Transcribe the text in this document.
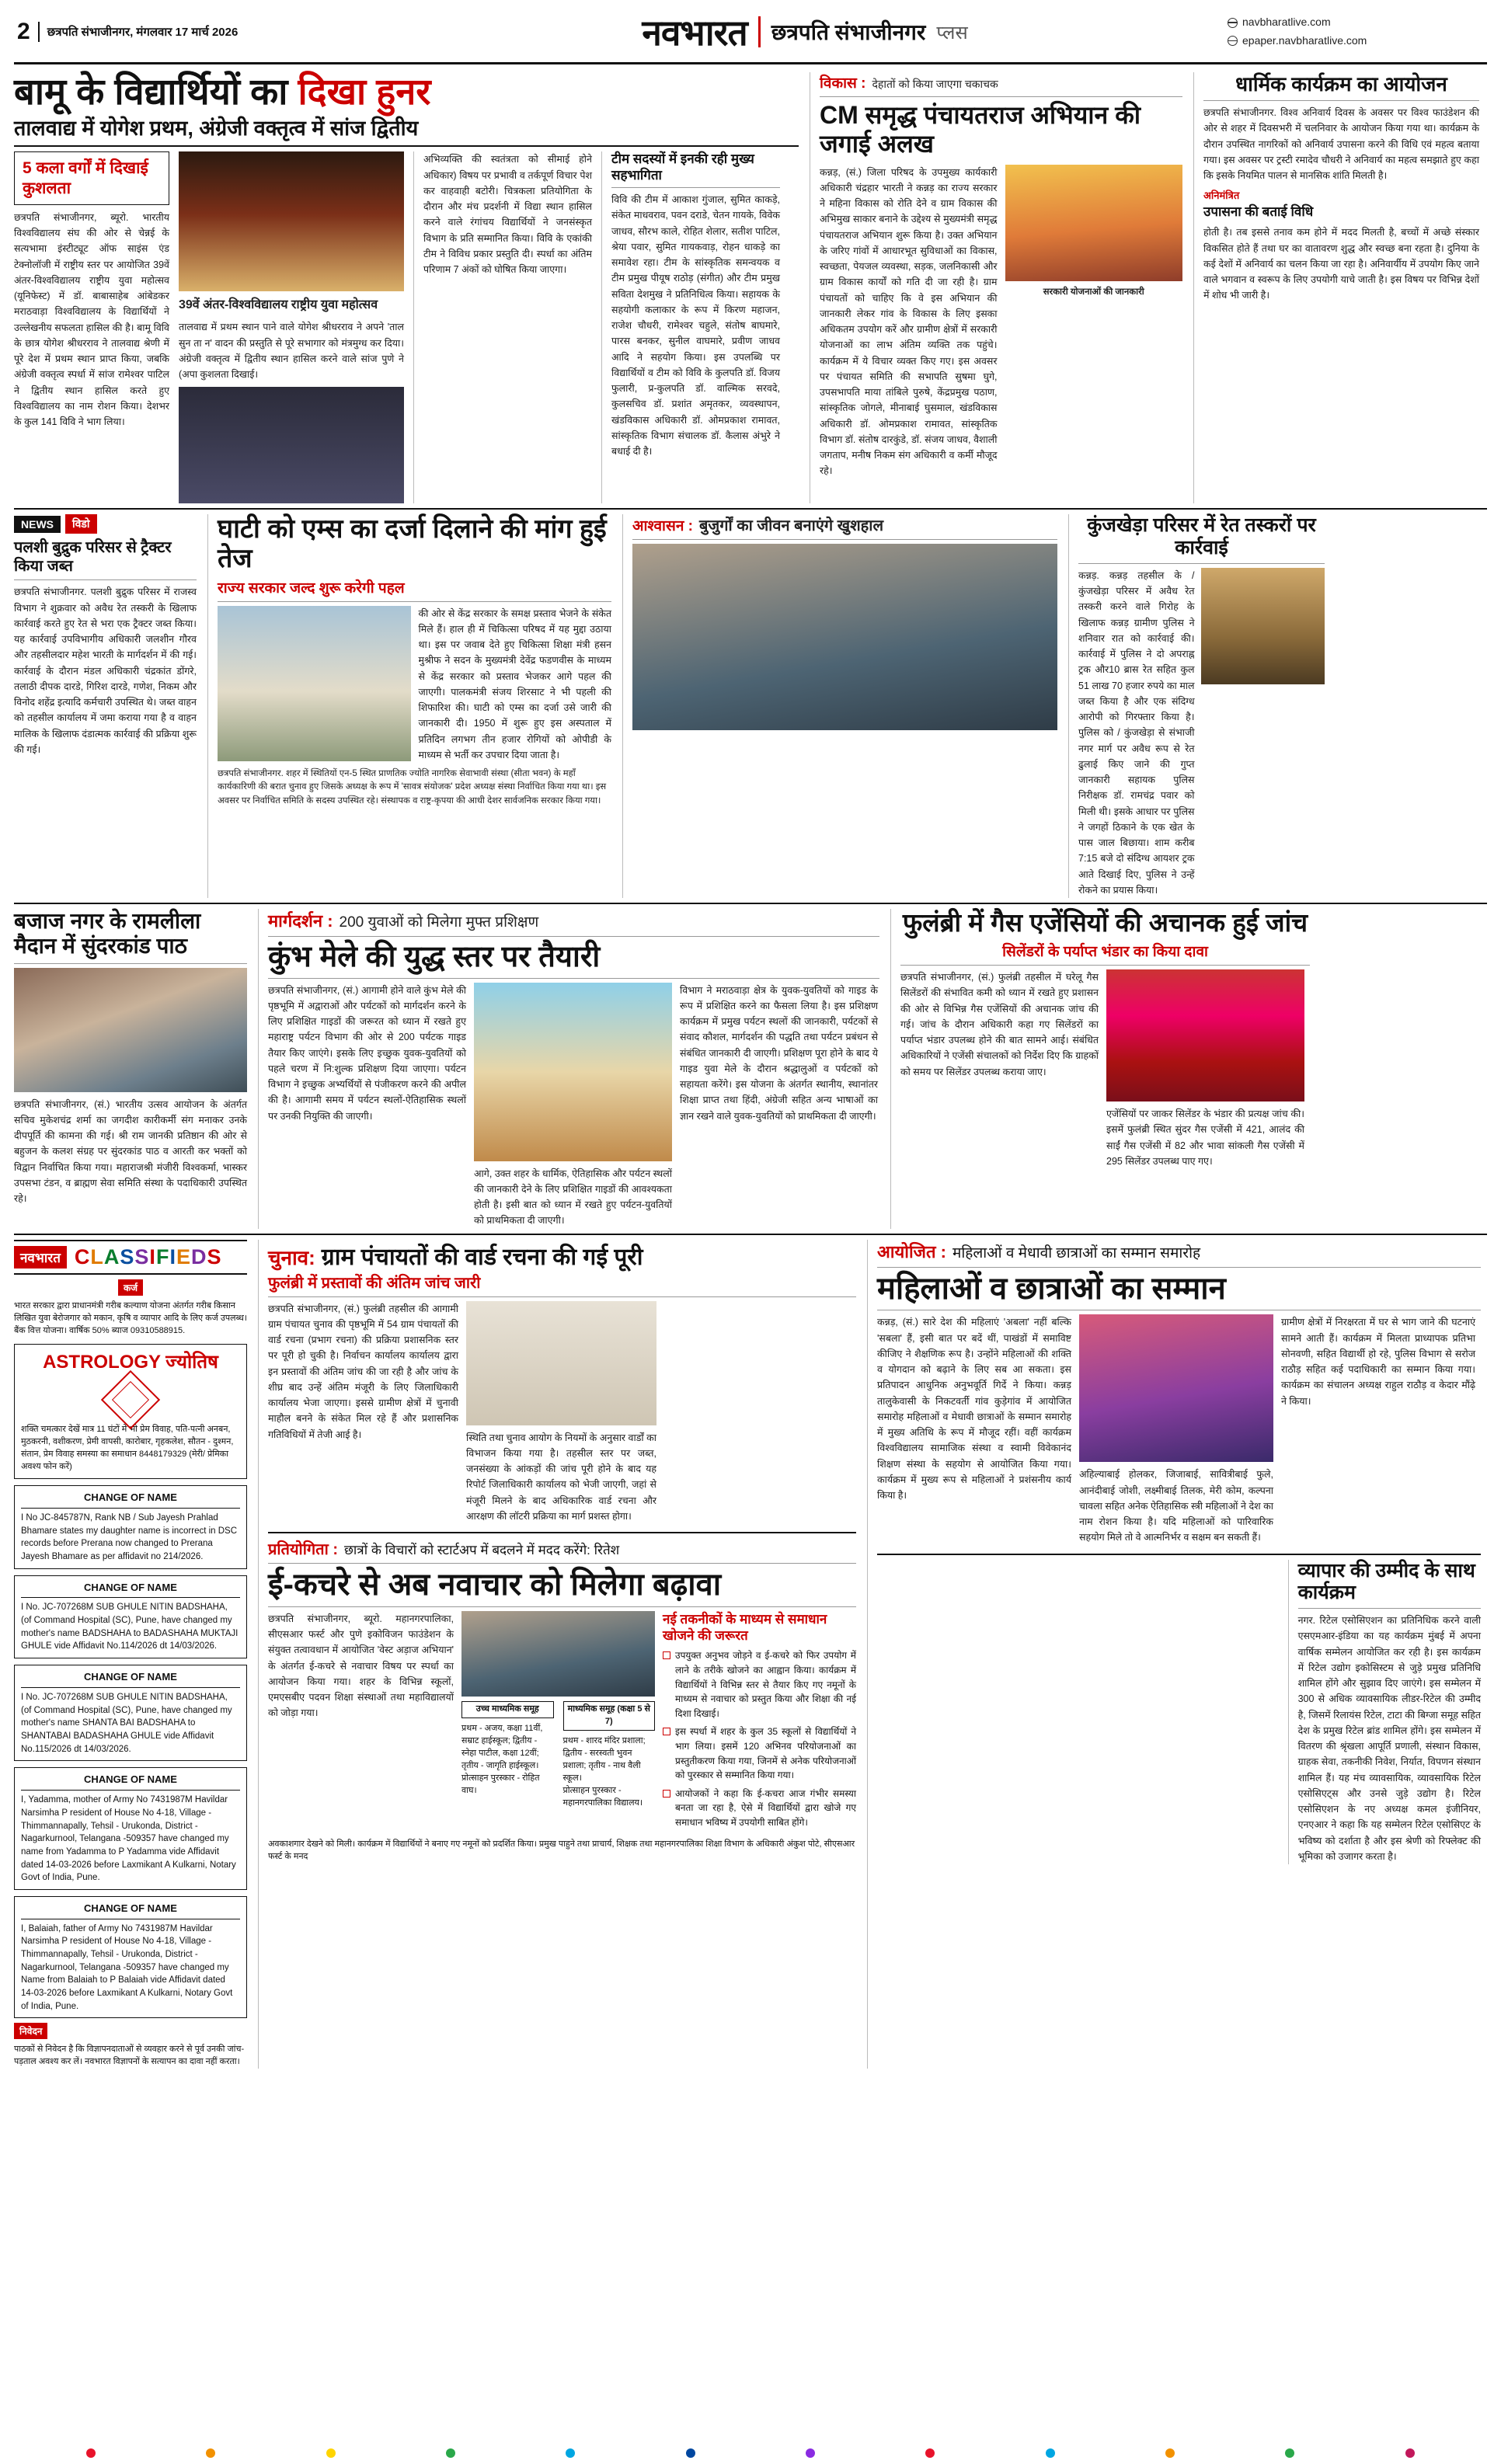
2 छत्रपति संभाजीनगर, मंगलवार 17 मार्च 2026	नवभारत छत्रपति संभाजीनगर प्लस
navbharatlive.com
epaper.navbharatlive.com
बामू के विद्यार्थियों का दिखा हुनर
तालवाद्य में योगेश प्रथम, अंग्रेजी वक्तृत्व में सांज द्वितीय
5 कला वर्गों में दिखाई कुशलता
छत्रपति संभाजीनगर, ब्यूरो. भारतीय विश्वविद्यालय संघ की ओर से चेन्नई के सत्यभामा इंस्टीट्यूट ऑफ साइंस एंड टेक्नोलॉजी में राष्ट्रीय स्तर पर आयोजित 39वें अंतर-विश्वविद्यालय राष्ट्रीय युवा महोत्सव (यूनिफेस्ट) में डॉ. बाबासाहेब आंबेडकर मराठवाड़ा विश्वविद्यालय के विद्यार्थियों ने उल्लेखनीय सफलता हासिल की है। बामू विवि के छात्र योगेश श्रीधरराव ने तालवाद्य श्रेणी में पूरे देश में प्रथम स्थान प्राप्त किया, जबकि अंग्रेजी वक्तृत्व स्पर्धा में सांज रामेश्वर पाटिल ने द्वितीय स्थान हासिल करते हुए विश्वविद्यालय का नाम रोशन किया। देशभर के कुल 141 विवि ने भाग लिया।
39वें अंतर-विश्वविद्यालय राष्ट्रीय युवा महोत्सव
तालवाद्य में प्रथम स्थान पाने वाले योगेश श्रीधरराव ने अपने 'ताल सुन ता न' वादन की प्रस्तुति से पूरे सभागार को मंत्रमुग्ध कर दिया। अंग्रेजी वक्तृत्व में द्वितीय स्थान हासिल करने वाले सांज पुणे ने (अपा कुशलता दिखाई।
अभिव्यक्ति की स्वतंत्रता को सीमाई होने अधिकार) विषय पर प्रभावी व तर्कपूर्ण विचार पेश कर वाहवाही बटोरी। चित्रकला प्रतियोगिता के दौरान और मंच प्रदर्शनी में विद्या स्थान हासिल करने वाले रंगांचय विद्यार्थियों ने जनसंस्कृत विभाग के प्रति सम्मानित किया। विवि के एकांकी टीम ने विविध प्रकार प्रस्तुति दी। स्पर्धा का अंतिम परिणाम 7 अंकों को घोषित किया जाएगा।
टीम सदस्यों में इनकी रही मुख्य सहभागिता
विवि की टीम में आकाश गुंजाल, सुमित काकड़े, संकेत माधवराव, पवन दराडे, चेतन गायके, विवेक जाधव, सौरभ काले, रोहित शेलार, सतीश पाटिल, श्रेया पवार, सुमित गायकवाड़, रोहन धाकड़े का समावेश रहा। टीम के सांस्कृतिक समन्वयक व टीम प्रमुख पीयूष राठोड़ (संगीत) और टीम प्रमुख सविता देशमुख ने प्रतिनिधित्व किया। सहायक के सहयोगी कलाकार के रूप में किरण महाजन, राजेश चौधरी, रामेश्वर चहुले, संतोष बाघमारे, पारस बनकर, सुनील वाघमारे, प्रवीण जाधव आदि ने सहयोग किया। इस उपलब्धि पर विद्यार्थियों व टीम को विवि के कुलपति डॉ. विजय फुलारी, प्र-कुलपति डॉ. वाल्मिक सरवदे, कुलसचिव डॉ. प्रशांत अमृतकर, व्यवस्थापन, खंडविकास अधिकारी डॉ. ओमप्रकाश रामावत, सांस्कृतिक विभाग संचालक डॉ. कैलास अंभुरे ने बधाई दी है।
विकास : देहातों को किया जाएगा चकाचक
CM समृद्ध पंचायतराज अभियान की जगाई अलख
कन्नड़, (सं.) जिला परिषद के उपमुख्य कार्यकारी अधिकारी चंद्रहार भारती ने कन्नड़ का राज्य सरकार ने महिना विकास को रोति देने व ग्राम विकास की अभिमुख साकार बनाने के उद्देश्य से मुख्यमंत्री समृद्ध पंचायतराज अभियान शुरू किया है। उक्त अभियान के जरिए गांवों में आधारभूत सुविधाओं का विकास, स्वच्छता, पेयजल व्यवस्था, सड़क, जलनिकासी और ग्राम विकास कार्यों को गति दी जा रही है। ग्राम पंचायतों को चाहिए कि वे इस अभियान की जानकारी लेकर गांव के विकास के लिए इसका अधिकतम उपयोग करें और ग्रामीण क्षेत्रों में सरकारी योजनाओं का लाभ अंतिम व्यक्ति तक पहुंचे। कार्यक्रम में ये विचार व्यक्त किए गए। इस अवसर पर पंचायत समिति की सभापति सुषमा घुगे, उपसभापति माया तांबिले पुरुषे, केंद्रप्रमुख पठाण, सांस्कृतिक जोगले, मीनाबाई घुसमाल, खंडविकास अधिकारी डॉ. ओमप्रकाश रामावत, सांस्कृतिक विभाग डॉ. संतोष दारकुंडे, डॉ. संजय जाधव, वैशाली जगताप, मनीष निकम संग अधिकारी व कर्मी मौजूद रहे।
सरकारी योजनाओं की जानकारी
धार्मिक कार्यक्रम का आयोजन
छत्रपति संभाजीनगर. विश्व अनिवार्य दिवस के अवसर पर विश्व फाउंडेशन की ओर से शहर में दिवसभरी में चलनिवार के आयोजन किया गया था। कार्यक्रम के दौरान उपस्थित नागरिकों को अनिवार्य उपासना करने की विधि एवं महत्व बताया गया। इस अवसर पर ट्रस्टी रमादेव चौधरी ने अनिवार्य का महत्व समझाते हुए कहा कि इसके नियमित पालन से मानसिक शांति मिलती है।
अनिमंत्रित
उपासना की बताई विधि
होती है। तब इससे तनाव कम होने में मदद मिलती है, बच्चों में अच्छे संस्कार विकसित होते हैं तथा घर का वातावरण शुद्ध और स्वच्छ बना रहता है। दुनिया के कई देशों में अनिवार्य का चलन किया जा रहा है। अनिवार्यीय में उपयोग किए जाने वाले भगवान व स्वरूप के लिए उपयोगी याचे जाती है। इस विषय पर विभिन्न देशों में शोध भी जारी है।
NEWS	विडो
पलशी बुद्रुक परिसर से ट्रैक्टर किया जब्त
छत्रपति संभाजीनगर. पलशी बुद्रुक परिसर में राजस्व विभाग ने शुक्रवार को अवैध रेत तस्करी के खिलाफ कार्रवाई करते हुए रेत से भरा एक ट्रैक्टर जब्त किया। यह कार्रवाई उपविभागीय अधिकारी जलशीन गौरव और तहसीलदार महेश भारती के मार्गदर्शन में की गई। कार्रवाई के दौरान मंडल अधिकारी चंद्रकांत डोंगरे, तलाठी दीपक दारडे, गिरिश दारडे, गणेश, निकम और विनोद शहेंद्र इत्यादि कर्मचारी उपस्थित थे। जब्त वाहन को तहसील कार्यालय में जमा कराया गया है व वाहन मालिक के खिलाफ दंडात्मक कार्रवाई की प्रक्रिया शुरू की गई।
घाटी को एम्स का दर्जा दिलाने की मांग हुई तेज
राज्य सरकार जल्द शुरू करेगी पहल
की ओर से केंद्र सरकार के समक्ष प्रस्ताव भेजने के संकेत मिले हैं। हाल ही में चिकित्सा परिषद में यह मुद्दा उठाया था। इस पर जवाब देते हुए चिकित्सा शिक्षा मंत्री हसन मुश्रीफ ने सदन के मुख्यमंत्री देवेंद्र फडणवीस के माध्यम से केंद्र सरकार को प्रस्ताव भेजकर आगे पहल की जाएगी। पालकमंत्री संजय शिरसाट ने भी पहली की शिफारिश की। घाटी को एम्स का दर्जा उसे जारी की जानकारी दी। 1950 में शुरू हुए इस अस्पताल में प्रतिदिन लगभग तीन हजार रोगियों को ओपीडी के माध्यम से भर्ती कर उपचार दिया जाता है।
छत्रपति संभाजीनगर. शहर में स्थितियों एन-5 स्थित प्राणतिक ज्योति नागरिक सेवाभावी संस्था (सीता भवन) के महाँ कार्यकारिणी की बरात चुनाव हुए जिसके अध्यक्ष के रूप में 'सावत्र संयोजक' प्रदेश अध्यक्ष संस्था निर्वाचित किया गया था। इस अवसर पर निर्वाचित समिति के सदस्य उपस्थित रहे। संस्थापक व राष्ट्र-कृपया की आधी देशर सार्वजनिक सरकार किया गया।
आश्वासन : बुजुर्गों का जीवन बनाएंगे खुशहाल	कुंजखेड़ा परिसर में रेत तस्करों पर कार्रवाई
कन्नड़. कन्नड़ तहसील के / कुंजखेड़ा परिसर में अवैध रेत तस्करी करने वाले गिरोह के खिलाफ कन्नड़ ग्रामीण पुलिस ने शनिवार रात को कार्रवाई की। कार्रवाई में पुलिस ने दो अपराह्न ट्रक और10 ब्रास रेत सहित कुल 51 लाख 70 हजार रुपये का माल जब्त किया है और एक संदिग्ध आरोपी को गिरफ्तार किया है। पुलिस को / कुंजखेड़ा से संभाजी नगर मार्ग पर अवैध रूप से रेत ढुलाई किए जाने की गुप्त जानकारी सहायक पुलिस निरीक्षक डॉ. रामचंद्र पवार को मिली थी। इसके आधार पर पुलिस ने जगहों ठिकाने के एक खेत के पास जाल बिछाया। शाम करीब 7:15 बजे दो संदिग्ध आयशर ट्रक आते दिखाई दिए, पुलिस ने उन्हें रोकने का प्रयास किया।
बजाज नगर के रामलीला मैदान में सुंदरकांड पाठ
छत्रपति संभाजीनगर, (सं.) भारतीय उत्सव आयोजन के अंतर्गत सचिव मुकेशचंद्र शर्मा का जगदीश कारीकर्मी संग मनाकर उनके दीपपूर्ति की कामना की गई। श्री राम जानकी प्रतिष्ठान की ओर से बहुजन के कलश संग्रह पर सुंदरकांड पाठ व आरती कर भक्तों को विद्वान निर्वाचित किया गया। महाराजश्री मंजीरी विश्वकर्मा, भास्कर उपसभा टंडन, व ब्राह्मण सेवा समिति संस्था के पदाधिकारी उपस्थित रहे।
मार्गदर्शन : 200 युवाओं को मिलेगा मुफ्त प्रशिक्षण
कुंभ मेले की युद्ध स्तर पर तैयारी
छत्रपति संभाजीनगर, (सं.) आगामी होने वाले कुंभ मेले की पृष्ठभूमि में अद्वाराओं और पर्यटकों को मार्गदर्शन करने के लिए प्रशिक्षित गाइडों की जरूरत को ध्यान में रखते हुए महाराष्ट्र पर्यटन विभाग की ओर से 200 पर्यटक गाइड तैयार किए जाएंगे। इसके लिए इच्छुक युवक-युवतियों को पहले चरण में नि:शुल्क प्रशिक्षण दिया जाएगा। पर्यटन विभाग ने इच्छुक अभ्यर्थियों से पंजीकरण करने की अपील की है। आगामी समय में पर्यटन स्थलों-ऐतिहासिक स्थलों पर उनकी नियुक्ति की जाएगी।
आगे, उक्त शहर के धार्मिक, ऐतिहासिक और पर्यटन स्थलों की जानकारी देने के लिए प्रशिक्षित गाइडों की आवश्यकता होती है। इसी बात को ध्यान में रखते हुए पर्यटन-युवतियों को प्राथमिकता दी जाएगी।
विभाग ने मराठवाड़ा क्षेत्र के युवक-युवतियों को गाइड के रूप में प्रशिक्षित करने का फैसला लिया है। इस प्रशिक्षण कार्यक्रम में प्रमुख पर्यटन स्थलों की जानकारी, पर्यटकों से संवाद कौशल, मार्गदर्शन की पद्धति तथा पर्यटन प्रबंधन से संबंधित जानकारी दी जाएगी। प्रशिक्षण पूरा होने के बाद ये गाइड युवा मेले के दौरान श्रद्धालुओं व पर्यटकों को सहायता करेंगे। इस योजना के अंतर्गत स्थानीय, स्थानांतर शिक्षा प्राप्त तथा हिंदी, अंग्रेजी सहित अन्य भाषाओं का ज्ञान रखने वाले युवक-युवतियों को प्राथमिकता दी जाएगी।
फुलंब्री में गैस एजेंसियों की अचानक हुई जांच
सिलेंडरों के पर्याप्त भंडार का किया दावा
छत्रपति संभाजीनगर, (सं.) फुलंब्री तहसील में घरेलू गैस सिलेंडरों की संभावित कमी को ध्यान में रखते हुए प्रशासन की ओर से विभिन्न गैस एजेंसियों की अचानक जांच की गई। जांच के दौरान अधिकारी कहा गए सिलेंडरों का पर्याप्त भंडार उपलब्ध होने की बात सामने आई। संबंधित अधिकारियों ने एजेंसी संचालकों को निर्देश दिए कि ग्राहकों को समय पर सिलेंडर उपलब्ध कराया जाए।
एजेंसियों पर जाकर सिलेंडर के भंडार की प्रत्यक्ष जांच की। इसमें फुलंब्री स्थित सुंदर गैस एजेंसी में 421, आलंद की साईं गैस एजेंसी में 82 और भावा सांकली गैस एजेंसी में 295 सिलेंडर उपलब्ध पाए गए।
नवभारत CLASSIFIEDS
कर्ज
भारत सरकार द्वारा प्राधानमंत्री गरीब कल्याण योजना अंतर्गत गरीब किसान लिखित युवा बेरोजगार को मकान, कृषि व व्यापार आदि के लिए कर्ज उपलब्ध। बैंक वित्त योजना। वार्षिक 50% ब्याज 09310588915.
ASTROLOGY ज्योतिष
शक्ति चमत्कार देखें मात्र 11 घंटों में भी प्रेम विवाह, पति-पत्नी अनबन, मुठकरनी, वशीकरण, प्रेमी वापसी, कारोबार, गृहकलेश, सौतन - दुश्मन, संतान, प्रेम विवाह समस्या का समाधान 8448179329 (मेरी/ प्रेमिका अवश्य फोन करें)
CHANGE OF NAME
I No JC-845787N, Rank NB / Sub Jayesh Prahlad Bhamare states my daughter name is incorrect in DSC records before Prerana now changed to Prerana Jayesh Bhamare as per affidavit no 214/2026.
CHANGE OF NAME
I No. JC-707268M SUB GHULE NITIN BADSHAHA, (of Command Hospital (SC), Pune, have changed my mother's name BADSHAHA to BADASHAHA MUKTAJI GHULE vide Affidavit No.114/2026 dt 14/03/2026.
CHANGE OF NAME
I No. JC-707268M SUB GHULE NITIN BADSHAHA, (of Command Hospital (SC), Pune, have changed my mother's name SHANTA BAI BADSHAHA to SHANTABAI BADASHAHA GHULE vide Affidavit No.115/2026 dt 14/03/2026.
CHANGE OF NAME
I, Yadamma, mother of Army No 7431987M Havildar Narsimha P resident of House No 4-18, Village - Thimmannapally, Tehsil - Urukonda, District - Nagarkurnool, Telangana -509357 have changed my name from Yadamma to P Yadamma vide Affidavit dated 14-03-2026 before Laxmikant A Kulkarni, Notary Govt of India, Pune.
CHANGE OF NAME
I, Balaiah, father of Army No 7431987M Havildar Narsimha P resident of House No 4-18, Village - Thimmannapally, Tehsil - Urukonda, District - Nagarkurnool, Telangana -509357 have changed my Name from Balaiah to P Balaiah vide Affidavit dated 14-03-2026 before Laxmikant A Kulkarni, Notary Govt of India, Pune.
निवेदन
पाठकों से निवेदन है कि विज्ञापनदाताओं से व्यवहार करने से पूर्व उनकी जांच-पड़ताल अवश्य कर लें। नवभारत विज्ञापनों के सत्यापन का दावा नहीं करता।
चुनाव: ग्राम पंचायतों की वार्ड रचना की गई पूरी
फुलंब्री में प्रस्तावों की अंतिम जांच जारी
छत्रपति संभाजीनगर, (सं.) फुलंब्री तहसील की आगामी ग्राम पंचायत चुनाव की पृष्ठभूमि में 54 ग्राम पंचायतों की वार्ड रचना (प्रभाग रचना) की प्रक्रिया प्रशासनिक स्तर पर पूरी हो चुकी है। निर्वाचन कार्यालय कार्यालय द्वारा इन प्रस्तावों की अंतिम जांच की जा रही है और जांच के शीघ्र बाद उन्हें अंतिम मंजूरी के लिए जिलाधिकारी कार्यालय भेजा जाएगा। इससे ग्रामीण क्षेत्रों में चुनावी माहौल बनने के संकेत मिल रहे हैं और प्रशासनिक गतिविधियों में तेजी आई है।	स्थिति तथा चुनाव आयोग के नियमों के अनुसार वार्डों का विभाजन किया गया है। तहसील स्तर पर जब्त, जनसंख्या के आंकड़ों की जांच पूरी होने के बाद यह रिपोर्ट जिलाधिकारी कार्यालय को भेजी जाएगी, जहां से मंजूरी मिलने के बाद अधिकारिक वार्ड रचना और आरक्षण की लॉटरी प्रक्रिया का मार्ग प्रशस्त होगा।
प्रतियोगिता : छात्रों के विचारों को स्टार्टअप में बदलने में मदद करेंगे: रितेश
ई-कचरे से अब नवाचार को मिलेगा बढ़ावा
छत्रपति संभाजीनगर, ब्यूरो. महानगरपालिका, सीएसआर फर्स्ट और पुणे इकोविजन फाउंडेशन के संयुक्त तत्वावधान में आयोजित 'वेस्ट अड़ाज अभियान' के अंतर्गत ई-कचरे से नवाचार विषय पर स्पर्धा का आयोजन किया गया। शहर के विभिन्न स्कूलों, एमएसबीए पदवन शिक्षा संस्थाओं तथा महाविद्यालयों को जोड़ा गया।	उच्च माध्यमिक समूह
प्रथम - अजय, कक्षा 11वीं, सम्राट हाईस्कूल; द्वितीय - स्नेहा पाटील, कक्षा 12वीं; तृतीय - जागृति हाईस्कूल।
प्रोत्साहन पुरस्कार - रोहित वाघ।
माध्यमिक समूह (कक्षा 5 से 7)
प्रथम - शारद मंदिर प्रशाला; द्वितीय - सरस्वती भुवन प्रशाला; तृतीय - नाथ वैली स्कूल।
प्रोत्साहन पुरस्कार - महानगरपालिका विद्यालय।
नई तकनीकों के माध्यम से समाधान खोजने की जरूरत
उपयुक्त अनुभव जोड़ने व ई-कचरे को फिर उपयोग में लाने के तरीके खोजने का आह्वान किया। कार्यक्रम में विद्यार्थियों ने विभिन्न स्तर से तैयार किए गए नमूनों के माध्यम से नवाचार को प्रस्तुत किया और शिक्षा की नई दिशा दिखाई।
इस स्पर्धा में शहर के कुल 35 स्कूलों से विद्यार्थियों ने भाग लिया। इसमें 120 अभिनव परियोजनाओं का प्रस्तुतीकरण किया गया, जिनमें से अनेक परियोजनाओं को पुरस्कार से सम्मानित किया गया।
आयोजकों ने कहा कि ई-कचरा आज गंभीर समस्या बनता जा रहा है, ऐसे में विद्यार्थियों द्वारा खोजे गए समाधान भविष्य में उपयोगी साबित होंगे।
अवकाशगार देखने को मिली। कार्यक्रम में विद्यार्थियों ने बनाए गए नमूनों को प्रदर्शित किया। प्रमुख पाहुने तथा प्राचार्य, शिक्षक तथा महानगरपालिका शिक्षा विभाग के अधिकारी अंकुश पोटे, सीएसआर फर्स्ट के मनद
आयोजित : महिलाओं व मेधावी छात्राओं का सम्मान समारोह
महिलाओं व छात्राओं का सम्मान
कन्नड़, (सं.) सारे देश की महिलाएं 'अबला' नहीं बल्कि 'सबला' हैं, इसी बात पर बदें थीं, पाखंडों में समाविष्ट कीजिए ने शैक्षणिक रूप है। उन्होंने महिलाओं की शक्ति व योगदान को बढ़ाने के लिए सब आ सकता। इस प्रतिपादन आधुनिक अनुभवूर्ति गिर्दे ने किया। कन्नड़ तालुकेवासी के निकटवर्ती गांव कुड़ेगांव में आयोजित समारोह महिलाओं व मेधावी छात्राओं के सम्मान समारोह में मुख्य अतिथि के रूप में मौजूद रहीं। वहीं कार्यक्रम विश्वविद्यालय सामाजिक संस्था व स्वामी विवेकानंद शिक्षण संस्था के सहयोग से आयोजित किया गया। कार्यक्रम में मुख्य रूप से महिलाओं ने प्रशंसनीय कार्य किया है।
अहिल्याबाई होलकर, जिजाबाई, सावित्रीबाई फुले, आनंदीबाई जोशी, लक्ष्मीबाई तिलक, मेरी कोम, कल्पना चावला सहित अनेक ऐतिहासिक स्त्री महिलाओं ने देश का नाम रोशन किया है। यदि महिलाओं को पारिवारिक सहयोग मिले तो वे आत्मनिर्भर व सक्षम बन सकती हैं।
ग्रामीण क्षेत्रों में निरक्षरता में घर से भाग जाने की घटनाएं सामने आती हैं। कार्यक्रम में मिलता प्राध्यापक प्रतिभा सोनवणी, सहित विद्यार्थी हो रहे, पुलिस विभाग से सरोज राठौड़ सहित कई पदाधिकारी का सम्मान किया गया। कार्यक्रम का संचालन अध्यक्ष राहुल राठौड़ व केदार मौंढ़े ने किया।
व्यापार की उम्मीद के साथ कार्यक्रम
नगर. रिटेल एसोसिएशन का प्रतिनिधिक करने वाली एसएमआर-इंडिया का यह कार्यक्रम मुंबई में अपना वार्षिक सम्मेलन आयोजित कर रही है। इस कार्यक्रम में रिटेल उद्योग इकोसिस्टम से जुड़े प्रमुख प्रतिनिधि शामिल होंगे और सुझाव दिए जाएंगे। इस सम्मेलन में 300 से अधिक व्यावसायिक लीडर-रिटेल की उम्मीद है, जिसमें रिलायंस रिटेल, टाटा की बिग्जा समूह सहित देश के प्रमुख रिटेल ब्रांड शामिल होंगे। इस सम्मेलन में वितरण की श्रृंखला आपूर्ति प्रणाली, संस्थान विकास, ग्राहक सेवा, तकनीकी निवेश, निर्यात, विपणन संस्थान शामिल हैं। यह मंच व्यावसायिक, व्यावसायिक रिटेल एसोसिएट्स और उनसे जुड़े उद्योग है। रिटेल एसोसिएशन के नए अध्यक्ष कमल इंजीनियर, एनएआर ने कहा कि यह सम्मेलन रिटेल एसोसिएट के भविष्य को दर्शाता है और इस श्रेणी को रिफ्लेक्ट की भूमिका को उजागर करता है।
